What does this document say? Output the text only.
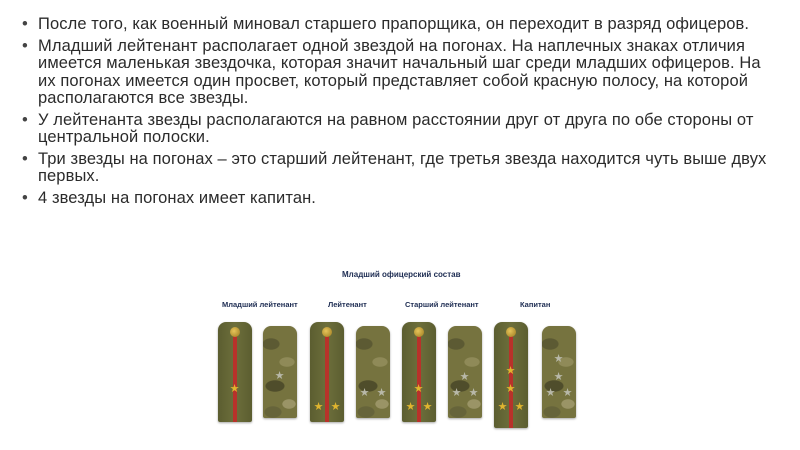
• После того, как военный миновал старшего прапорщика, он переходит в разряд офицеров.
• Младший лейтенант располагает одной звездой на погонах. На наплечных знаках отличия имеется маленькая звездочка, которая значит начальный шаг среди младших офицеров. На их погонах имеется один просвет, который представляет собой красную полосу, на которой располагаются все звезды.
• У лейтенанта звезды располагаются на равном расстоянии друг от друга по обе стороны от центральной полоски.
• Три звезды на погонах – это старший лейтенант, где третья звезда находится чуть выше двух первых.
• 4 звезды на погонах имеет капитан.
Младший офицерский состав
Младший лейтенант	Лейтенант	Старший лейтенант	Капитан
★
★
★ ★
★ ★ ★
★ ★
★
★ ★
★
★
★ ★
★
★
★ ★
